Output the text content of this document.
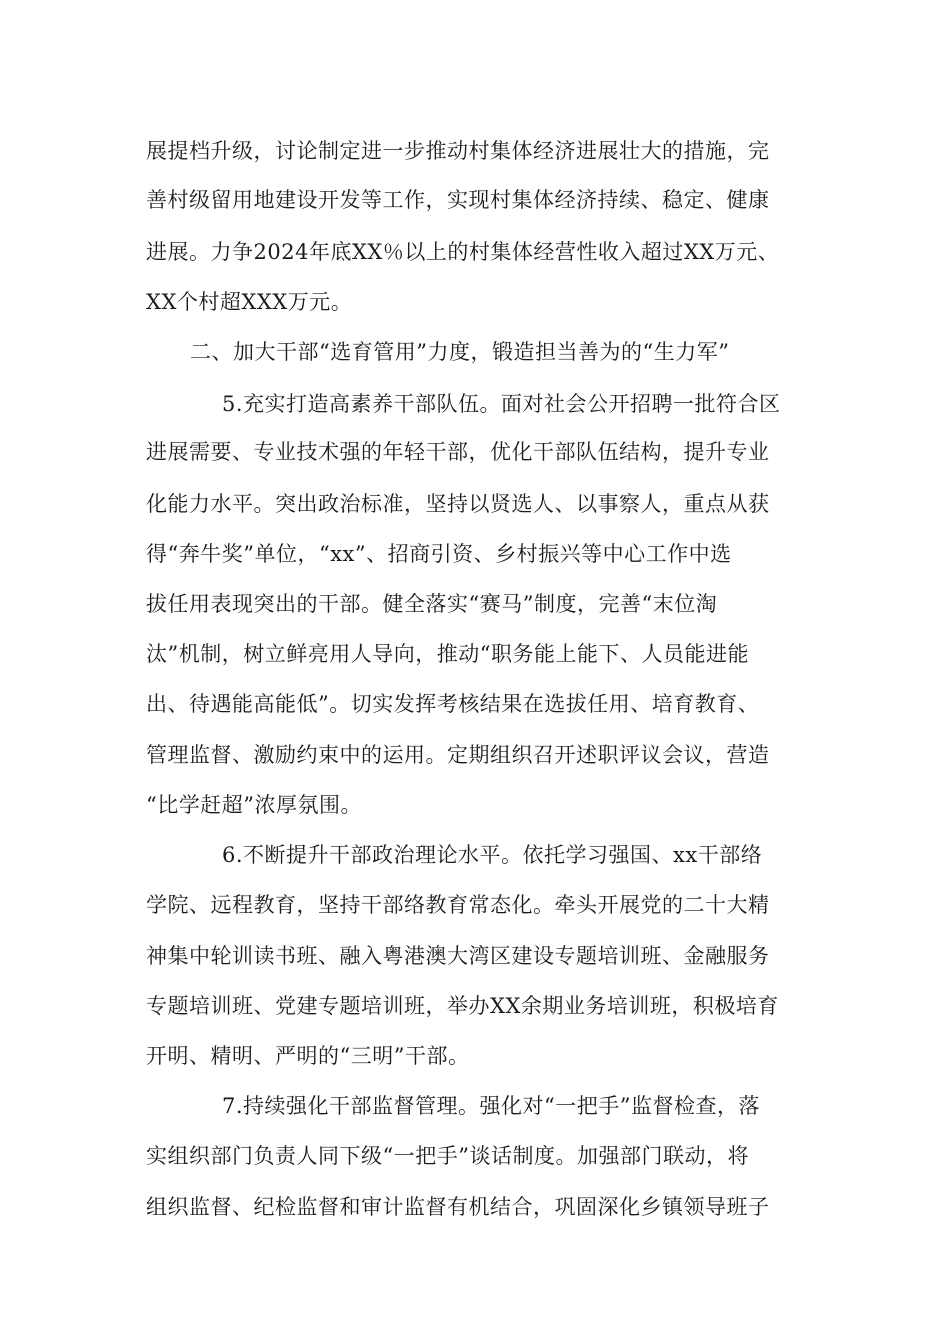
展提档升级，讨论制定进一步推动村集体经济进展壮大的措施，完
善村级留用地建设开发等工作，实现村集体经济持续、稳定、健康
进展。力争2024年底XX％以上的村集体经营性收入超过XX万元、
XX个村超XXX万元。
二、加大干部“选育管用”力度，锻造担当善为的“生力军”
5.充实打造高素养干部队伍。面对社会公开招聘一批符合区
进展需要、专业技术强的年轻干部，优化干部队伍结构，提升专业
化能力水平。突出政治标准，坚持以贤选人、以事察人，重点从获
得“奔牛奖”单位，“xx”、招商引资、乡村振兴等中心工作中选
拔任用表现突出的干部。健全落实“赛马”制度，完善“末位淘
汰”机制，树立鲜亮用人导向，推动“职务能上能下、人员能进能
出、待遇能高能低”。切实发挥考核结果在选拔任用、培育教育、
管理监督、激励约束中的运用。定期组织召开述职评议会议，营造
“比学赶超”浓厚氛围。
6.不断提升干部政治理论水平。依托学习强国、xx干部络
学院、远程教育，坚持干部络教育常态化。牵头开展党的二十大精
神集中轮训读书班、融入粤港澳大湾区建设专题培训班、金融服务
专题培训班、党建专题培训班，举办XX余期业务培训班，积极培育
开明、精明、严明的“三明”干部。
7.持续强化干部监督管理。强化对“一把手”监督检查，落
实组织部门负责人同下级“一把手”谈话制度。加强部门联动，将
组织监督、纪检监督和审计监督有机结合，巩固深化乡镇领导班子
